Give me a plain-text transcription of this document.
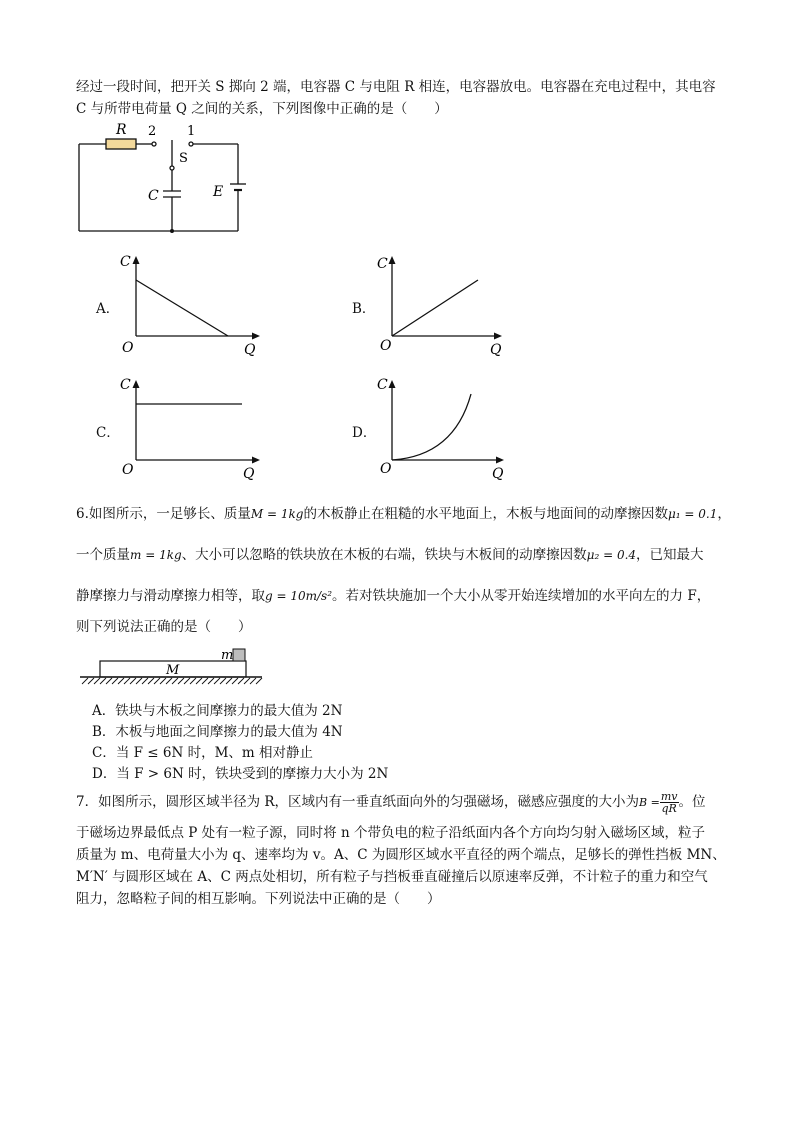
经过一段时间，把开关 S 掷向 2 端，电容器 C 与电阻 R 相连，电容器放电。电容器在充电过程中，其电容
C 与所带电荷量 Q 之间的关系，下列图像中正确的是（　　）
R 2 1
S
C	E
A．
C
O	Q
B．
C
O	Q
C．
C
O	Q
D．
C
O	Q
6.如图所示，一足够长、质量M = 1kg的木板静止在粗糙的水平地面上，木板与地面间的动摩擦因数μ₁ = 0.1，
一个质量m = 1kg、大小可以忽略的铁块放在木板的右端，铁块与木板间的动摩擦因数μ₂ = 0.4，已知最大
静摩擦力与滑动摩擦力相等，取g = 10m/s²。若对铁块施加一个大小从零开始连续增加的水平向左的力 F，
则下列说法正确的是（　　）
M
m
A．铁块与木板之间摩擦力的最大值为 2N
B．木板与地面之间摩擦力的最大值为 4N
C．当 F ≤ 6N 时，M、m 相对静止
D．当 F > 6N 时，铁块受到的摩擦力大小为 2N
7．如图所示，圆形区域半径为 R，区域内有一垂直纸面向外的匀强磁场，磁感应强度的大小为$B = \frac{mv}{qR}$ 。位
于磁场边界最低点 P 处有一粒子源，同时将 n 个带负电的粒子沿纸面内各个方向均匀射入磁场区域，粒子
质量为 m、电荷量大小为 q、速率均为 v。A、C 为圆形区域水平直径的两个端点，足够长的弹性挡板 MN、
M′N′ 与圆形区域在 A、C 两点处相切，所有粒子与挡板垂直碰撞后以原速率反弹，不计粒子的重力和空气
阻力，忽略粒子间的相互影响。下列说法中正确的是（　　）
